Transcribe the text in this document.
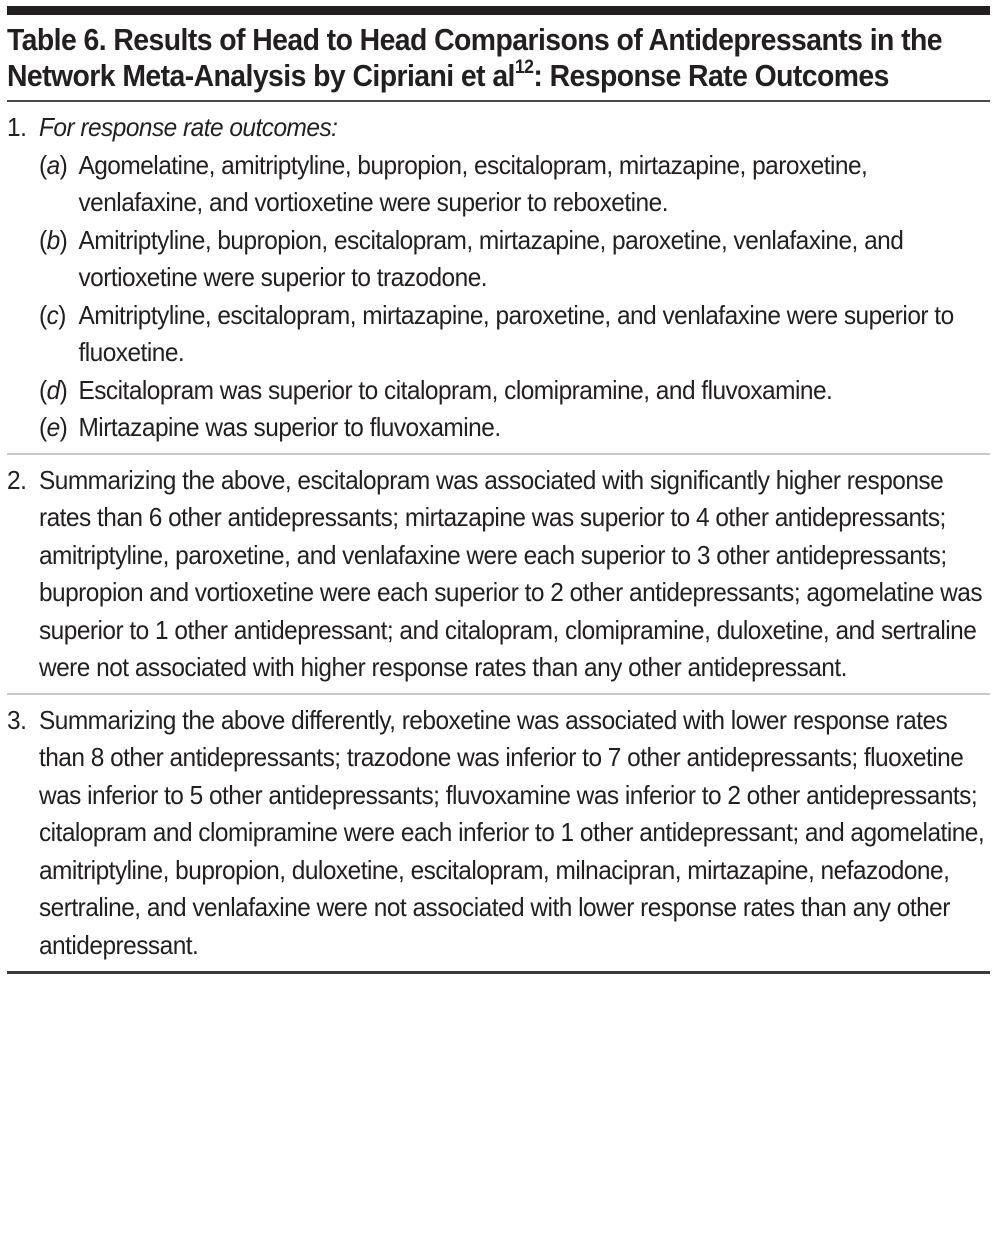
Table 6. Results of Head to Head Comparisons of Antidepressants in the Network Meta-Analysis by Cipriani et $al^{12}$: Response Rate Outcomes
1. For response rate outcomes:
(a) Agomelatine, amitriptyline, bupropion, escitalopram, mirtazapine, paroxetine, venlafaxine, and vortioxetine were superior to reboxetine.
(b) Amitriptyline, bupropion, escitalopram, mirtazapine, paroxetine, venlafaxine, and vortioxetine were superior to trazodone.
(c) Amitriptyline, escitalopram, mirtazapine, paroxetine, and venlafaxine were superior to fluoxetine.
(d) Escitalopram was superior to citalopram, clomipramine, and fluvoxamine.
(e) Mirtazapine was superior to fluvoxamine.
2. Summarizing the above, escitalopram was associated with significantly higher response rates than 6 other antidepressants; mirtazapine was superior to 4 other antidepressants; amitriptyline, paroxetine, and venlafaxine were each superior to 3 other antidepressants; bupropion and vortioxetine were each superior to 2 other antidepressants; agomelatine was superior to 1 other antidepressant; and citalopram, clomipramine, duloxetine, and sertraline were not associated with higher response rates than any other antidepressant.
3. Summarizing the above differently, reboxetine was associated with lower response rates than 8 other antidepressants; trazodone was inferior to 7 other antidepressants; fluoxetine was inferior to 5 other antidepressants; fluvoxamine was inferior to 2 other antidepressants; citalopram and clomipramine were each inferior to 1 other antidepressant; and agomelatine, amitriptyline, bupropion, duloxetine, escitalopram, milnacipran, mirtazapine, nefazodone, sertraline, and venlafaxine were not associated with lower response rates than any other antidepressant.
